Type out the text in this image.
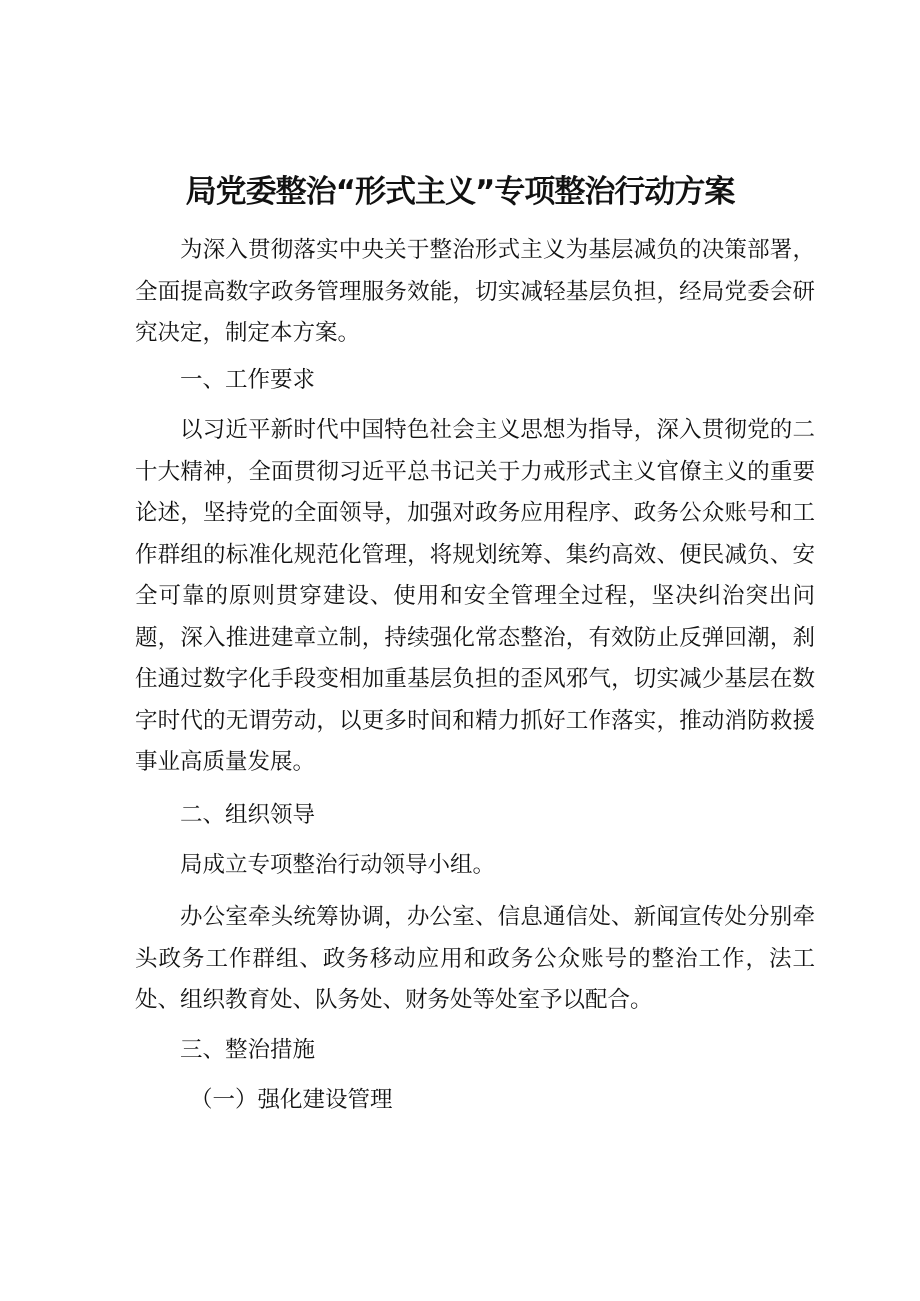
局党委整治“形式主义”专项整治行动方案

为深入贯彻落实中央关于整治形式主义为基层减负的决策部署，全面提高数字政务管理服务效能，切实减轻基层负担，经局党委会研究决定，制定本方案。

一、工作要求

以习近平新时代中国特色社会主义思想为指导，深入贯彻党的二十大精神，全面贯彻习近平总书记关于力戒形式主义官僚主义的重要论述，坚持党的全面领导，加强对政务应用程序、政务公众账号和工作群组的标准化规范化管理，将规划统筹、集约高效、便民减负、安全可靠的原则贯穿建设、使用和安全管理全过程，坚决纠治突出问题，深入推进建章立制，持续强化常态整治，有效防止反弹回潮，刹住通过数字化手段变相加重基层负担的歪风邪气，切实减少基层在数字时代的无谓劳动，以更多时间和精力抓好工作落实，推动消防救援事业高质量发展。

二、组织领导

局成立专项整治行动领导小组。

办公室牵头统筹协调，办公室、信息通信处、新闻宣传处分别牵头政务工作群组、政务移动应用和政务公众账号的整治工作，法工处、组织教育处、队务处、财务处等处室予以配合。

三、整治措施

（一）强化建设管理
